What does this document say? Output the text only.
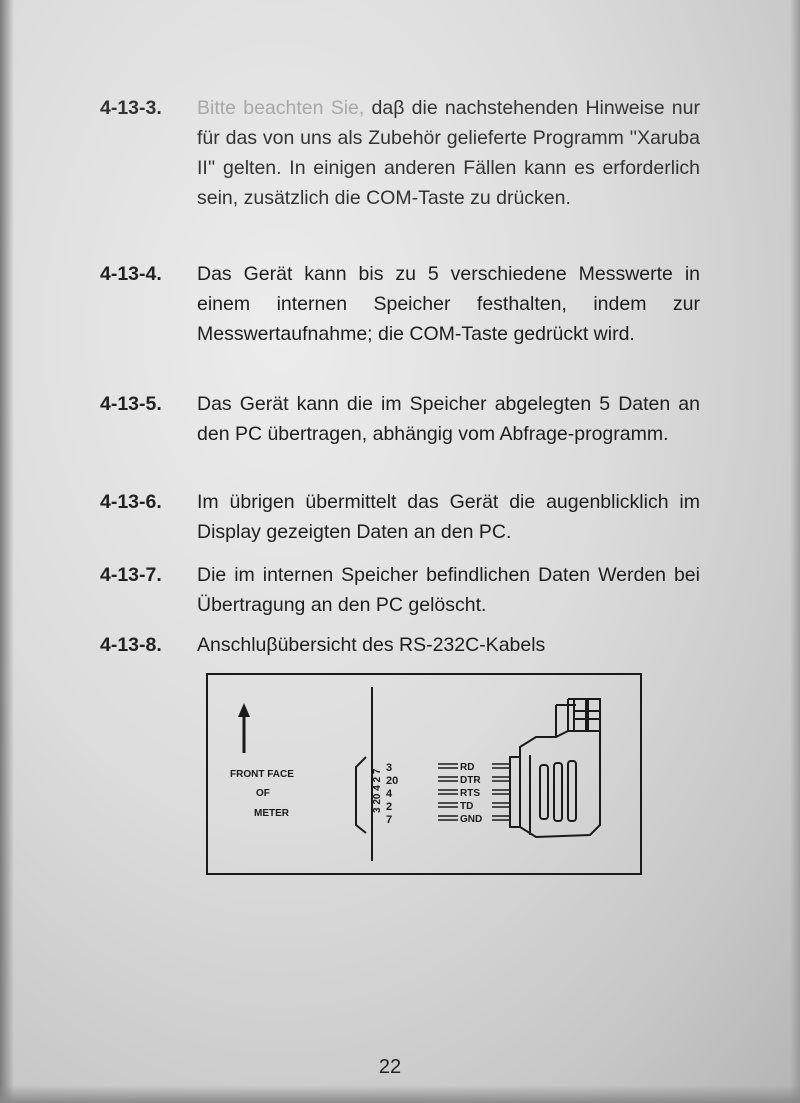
4-13-3.	Bitte beachten Sie, daβ die nachstehenden Hinweise nur für das von uns als Zubehör gelieferte Programm ''Xaruba II'' gelten. In einigen anderen Fällen kann es erforderlich sein, zusätzlich die COM-Taste zu drücken.
4-13-4.	Das Gerät kann bis zu 5 verschiedene Messwerte in einem internen Speicher festhalten, indem zur Messwertaufnahme; die COM-Taste gedrückt wird.
4-13-5.	Das Gerät kann die im Speicher abgelegten 5 Daten an den PC übertragen, abhängig vom Abfrage-programm.
4-13-6.	Im übrigen übermittelt das Gerät die augenblicklich im Display gezeigten Daten an den PC.
4-13-7.	Die im internen Speicher befindlichen Daten Werden bei Übertragung an den PC gelöscht.
4-13-8.	Anschluβübersicht des RS-232C-Kabels
FRONT FACE
OF
METER
3 20 4 2 7
3
20
4
2
7
RD
DTR
RTS
TD
GND
22
